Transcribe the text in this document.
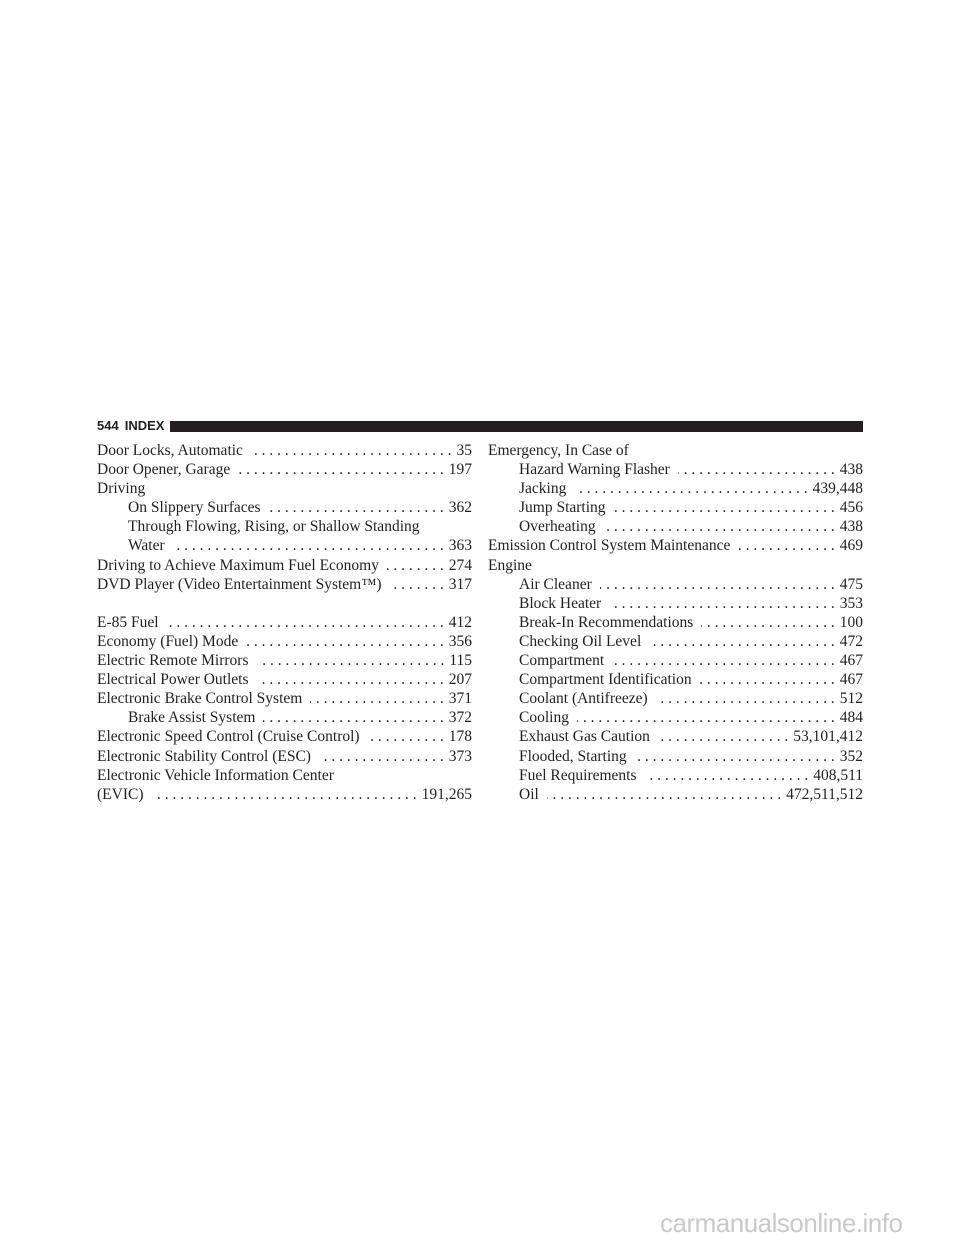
544 INDEX
Door Locks, Automatic . . .	35
Door Opener, Garage . . .	197
Driving
On Slippery Surfaces . . .	362
Through Flowing, Rising, or Shallow Standing
Water . . .	363
Driving to Achieve Maximum Fuel Economy . . .	274
DVD Player (Video Entertainment System™) . . .	317
E-85 Fuel . . .	412
Economy (Fuel) Mode . . .	356
Electric Remote Mirrors . . .	115
Electrical Power Outlets . . .	207
Electronic Brake Control System . . .	371
Brake Assist System . . .	372
Electronic Speed Control (Cruise Control) . . .	178
Electronic Stability Control (ESC) . . .	373
Electronic Vehicle Information Center
(EVIC) . . .	191,265
Emergency, In Case of
Hazard Warning Flasher . . .	438
Jacking . . .	439,448
Jump Starting . . .	456
Overheating . . .	438
Emission Control System Maintenance . . .	469
Engine
Air Cleaner . . .	475
Block Heater . . .	353
Break-In Recommendations . . .	100
Checking Oil Level . . .	472
Compartment . . .	467
Compartment Identification . . .	467
Coolant (Antifreeze) . . .	512
Cooling . . .	484
Exhaust Gas Caution . . .	53,101,412
Flooded, Starting . . .	352
Fuel Requirements . . .	408,511
Oil . . .	472,511,512
carmanualsonline.info
